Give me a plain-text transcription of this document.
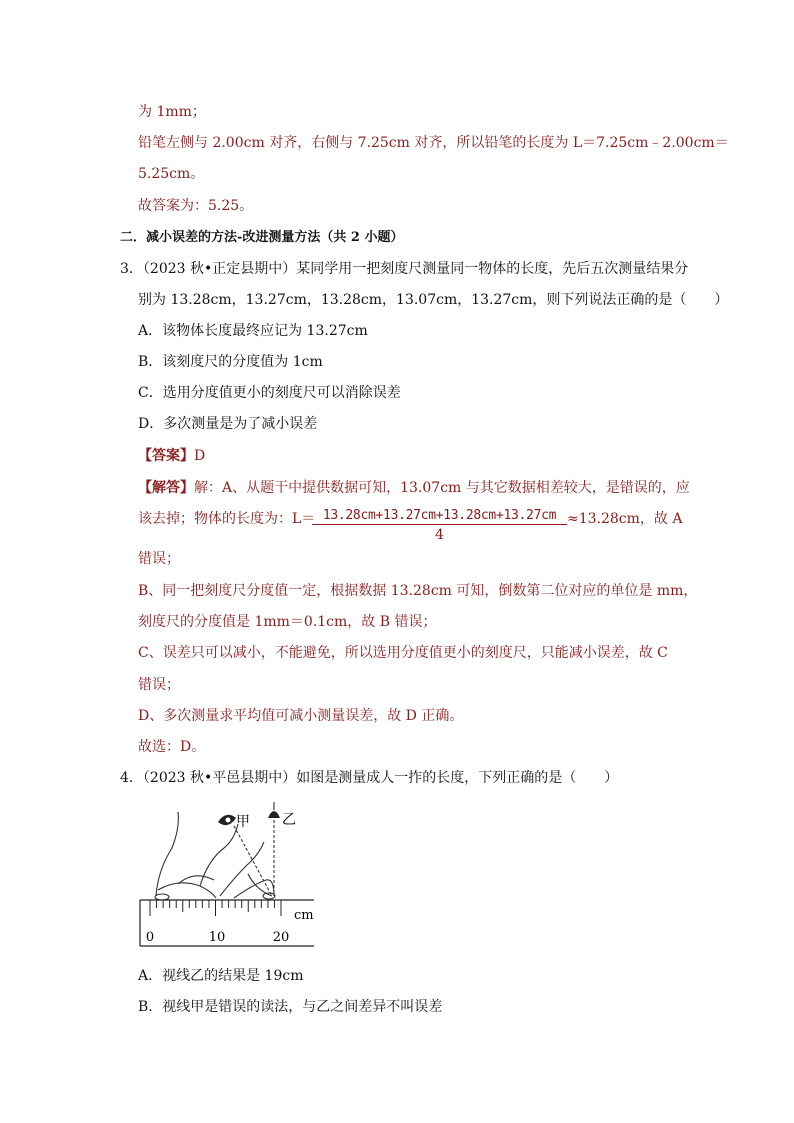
为 1mm；
铅笔左侧与 2.00cm 对齐，右侧与 7.25cm 对齐，所以铅笔的长度为 L＝7.25cm﹣2.00cm＝
5.25cm。
故答案为：5.25。
二．减小误差的方法-改进测量方法（共 2 小题）
3．（2023 秋•正定县期中）某同学用一把刻度尺测量同一物体的长度，先后五次测量结果分
别为 13.28cm，13.27cm，13.28cm，13.07cm，13.27cm，则下列说法正确的是（　　）
A．该物体长度最终应记为 13.27cm
B．该刻度尺的分度值为 1cm
C．选用分度值更小的刻度尺可以消除误差
D．多次测量是为了减小误差
【答案】D
【解答】解：A、从题干中提供数据可知，13.07cm 与其它数据相差较大，是错误的，应
该去掉；物体的长度为：L＝
$\frac{13.28cm+13.27cm+13.28cm+13.27cm}{4} \approx 13.28cm$，故 A
错误；
B、同一把刻度尺分度值一定，根据数据 13.28cm 可知，倒数第二位对应的单位是 mm，
刻度尺的分度值是 1mm＝0.1cm，故 B 错误；
C、误差只可以减小，不能避免，所以选用分度值更小的刻度尺，只能减小误差，故 C
错误；
D、多次测量求平均值可减小测量误差，故 D 正确。
故选：D。
4．（2023 秋•平邑县期中）如图是测量成人一拃的长度，下列正确的是（　　）
甲 乙
cm
0	10	20
A．视线乙的结果是 19cm
B．视线甲是错误的读法，与乙之间差异不叫误差
